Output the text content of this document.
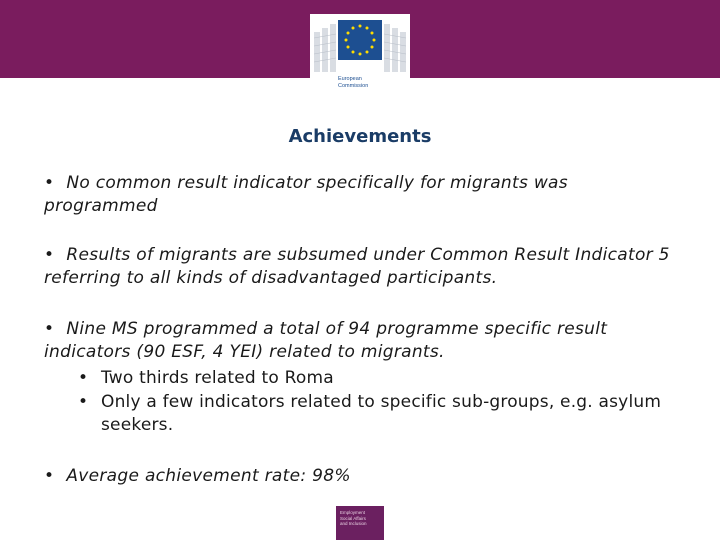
European
Commission
Achievements
• No common result indicator specifically for migrants was programmed
• Results of migrants are subsumed under Common Result Indicator 5 referring to all kinds of disadvantaged participants.
• Nine MS programmed a total of 94 programme specific result indicators (90 ESF, 4 YEI) related to migrants.
• Two thirds related to Roma
• Only a few indicators related to specific sub-groups, e.g. asylum seekers.
• Average achievement rate: 98%
Employment
Social Affairs
and Inclusion
